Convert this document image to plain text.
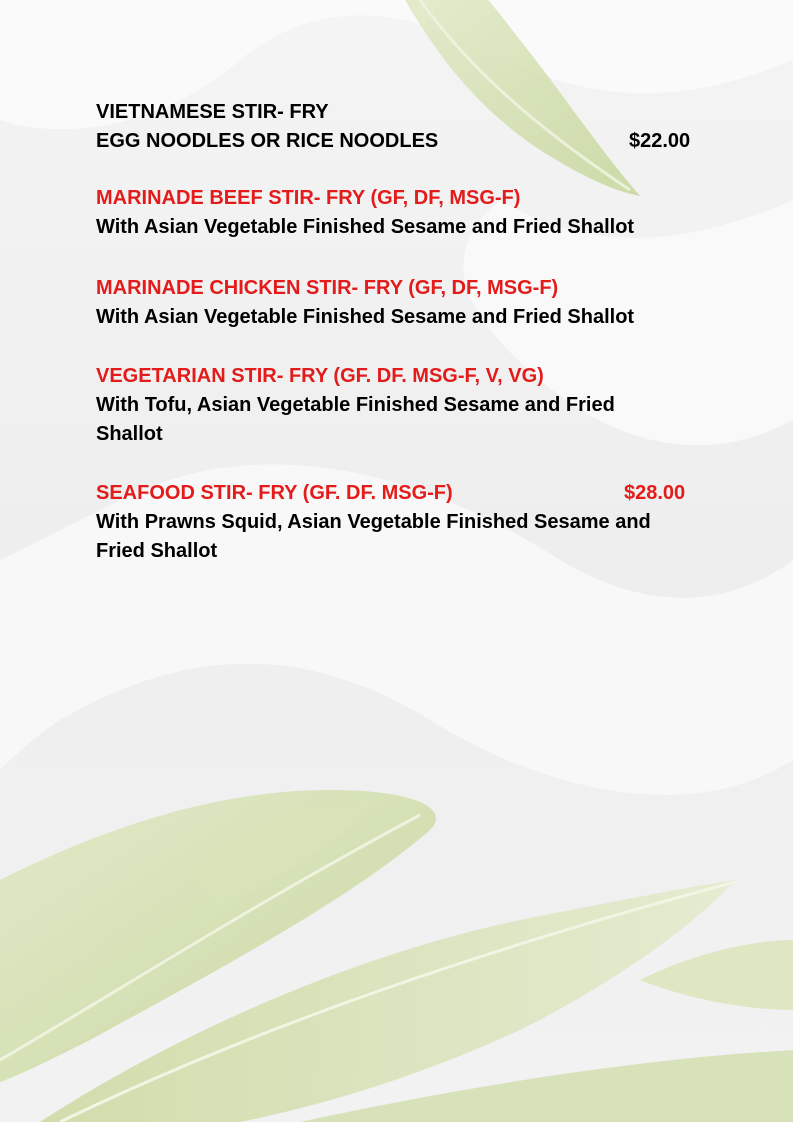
VIETNAMESE STIR- FRY
EGG NOODLES OR RICE NOODLES	$22.00
MARINADE BEEF STIR- FRY (GF, DF, MSG-F)
With Asian Vegetable Finished Sesame and Fried Shallot
MARINADE CHICKEN STIR- FRY (GF, DF, MSG-F)
With Asian Vegetable Finished Sesame and Fried Shallot
VEGETARIAN STIR- FRY (GF. DF. MSG-F, V, VG)
With Tofu, Asian Vegetable Finished Sesame and Fried
Shallot
SEAFOOD STIR- FRY (GF. DF. MSG-F)	$28.00
With Prawns Squid, Asian Vegetable Finished Sesame and
Fried Shallot
